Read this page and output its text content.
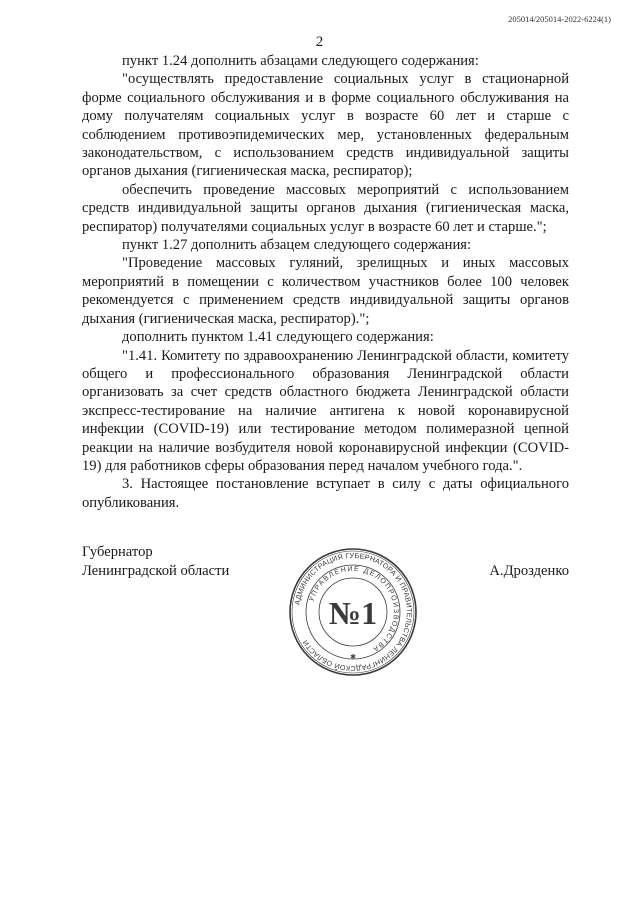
205014/205014-2022-6224(1)
2

пункт 1.24 дополнить абзацами следующего содержания:

"осуществлять предоставление социальных услуг в стационарной форме социального обслуживания и в форме социального обслуживания на дому получателям социальных услуг в возрасте 60 лет и старше с соблюдением противоэпидемических мер, установленных федеральным законодательством, с использованием средств индивидуальной защиты органов дыхания (гигиеническая маска, респиратор);

обеспечить проведение массовых мероприятий с использованием средств индивидуальной защиты органов дыхания (гигиеническая маска, респиратор) получателями социальных услуг в возрасте 60 лет и старше.";

пункт 1.27 дополнить абзацем следующего содержания:

"Проведение массовых гуляний, зрелищных и иных массовых мероприятий в помещении с количеством участников более 100 человек рекомендуется с применением средств индивидуальной защиты органов дыхания (гигиеническая маска, респиратор).";

дополнить пунктом 1.41 следующего содержания:

"1.41. Комитету по здравоохранению Ленинградской области, комитету общего и профессионального образования Ленинградской области организовать за счет средств областного бюджета Ленинградской области экспресс-тестирование на наличие антигена к новой коронавирусной инфекции (COVID-19) или тестирование методом полимеразной цепной реакции на наличие возбудителя новой коронавирусной инфекции (COVID-19) для работников сферы образования перед началом учебного года.".

3. Настоящее постановление вступает в силу с даты официального опубликования.

Губернатор
Ленинградской области	А.Дрозденко
АДМИНИСТРАЦИЯ ГУБЕРНАТОРА И ПРАВИТЕЛЬСТВА ЛЕНИНГРАДСКОЙ ОБЛАСТИ
УПРАВЛЕНИЕ ДЕЛОПРОИЗВОДСТВА
№1
✱
